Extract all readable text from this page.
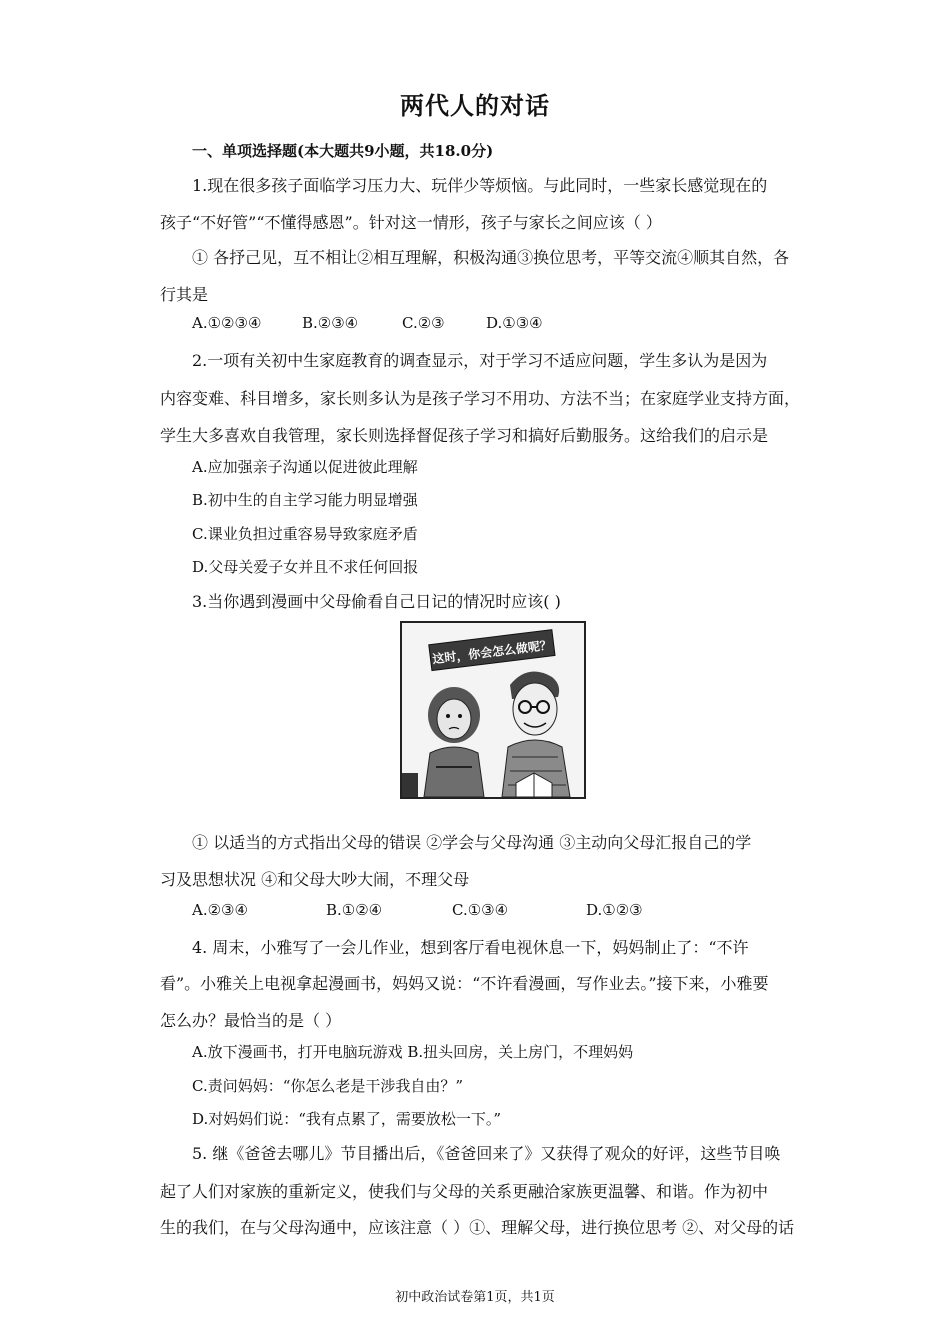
两代人的对话
一、单项选择题(本大题共9小题，共18.0分)
1.现在很多孩子面临学习压力大、玩伴少等烦恼。与此同时，一些家长感觉现在的
孩子“不好管”“不懂得感恩”。针对这一情形，孩子与家长之间应该（ ）
① 各抒己见，互不相让②相互理解，积极沟通③换位思考，平等交流④顺其自然，各
行其是
A.①②③④	B.②③④	C.②③	D.①③④
2.一项有关初中生家庭教育的调查显示，对于学习不适应问题，学生多认为是因为
内容变难、科目增多，家长则多认为是孩子学习不用功、方法不当；在家庭学业支持方面，
学生大多喜欢自我管理，家长则选择督促孩子学习和搞好后勤服务。这给我们的启示是
A.应加强亲子沟通以促进彼此理解
B.初中生的自主学习能力明显增强
C.课业负担过重容易导致家庭矛盾
D.父母关爱子女并且不求任何回报
3.当你遇到漫画中父母偷看自己日记的情况时应该( )
这时，你会怎么做呢？
① 以适当的方式指出父母的错误 ②学会与父母沟通 ③主动向父母汇报自己的学
习及思想状况 ④和父母大吵大闹，不理父母
A.②③④	B.①②④	C.①③④	D.①②③
4. 周末，小雅写了一会儿作业，想到客厅看电视休息一下，妈妈制止了：“不许
看”。小雅关上电视拿起漫画书，妈妈又说：“不许看漫画，写作业去。”接下来，小雅要
怎么办？最恰当的是（ ）
A.放下漫画书，打开电脑玩游戏 B.扭头回房，关上房门，不理妈妈
C.责问妈妈：“你怎么老是干涉我自由？”
D.对妈妈们说：“我有点累了，需要放松一下。”
5. 继《爸爸去哪儿》节目播出后，《爸爸回来了》又获得了观众的好评，这些节目唤
起了人们对家族的重新定义，使我们与父母的关系更融洽家族更温馨、和谐。作为初中
生的我们，在与父母沟通中，应该注意（ ）①、理解父母，进行换位思考 ②、对父母的话
初中政治试卷第1页，共1页
